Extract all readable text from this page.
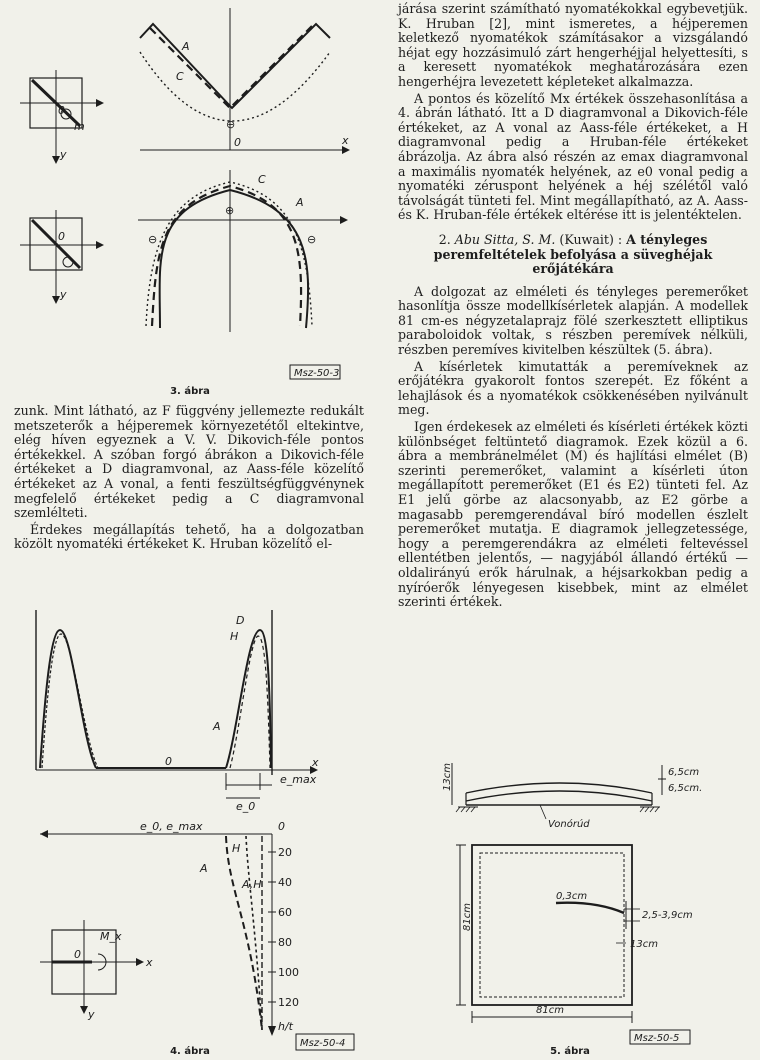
A
C
⊖
0	x
C
A
⊕
⊖	⊖
0
y
m
0
y
Msz-50-3
3. ábra

zunk. Mint látható, az F függvény jellemezte redukált metszeterők a héjperemek környezetétől eltekintve, elég híven egyeznek a V. V. Dikovich-féle pontos értékekkel. A szóban forgó ábrákon a Dikovich-féle értékeket a D diagramvonal, az Aass-féle közelítő értékeket az A vonal, a fenti feszültségfüggvénynek megfelelő értékeket pedig a C diagramvonal szemlélteti.

Érdekes megállapítás tehető, ha a dolgozatban közölt nyomatéki értékeket K. Hruban közelítő el-

D
H
A
0	x
e_max
e_0
e_0, e_max	0
H
A
A,H
20
40
60
80
100
120
h/t
M_x
x
y
0
Msz-50-4
4. ábra

járása szerint számítható nyomatékokkal egybevetjük. K. Hruban [2], mint ismeretes, a héjperemen keletkező nyomatékok számításakor a vizsgálandó héjat egy hozzásimuló zárt hengerhéjjal helyettesíti, s a keresett nyomatékok meghatározására ezen hengerhéjra levezetett képleteket alkalmazza.

A pontos és közelítő Mx értékek összehasonlítása a 4. ábrán látható. Itt a D diagramvonal a Dikovich-féle értékeket, az A vonal az Aass-féle értékeket, a H diagramvonal pedig a Hruban-féle értékeket ábrázolja. Az ábra alsó részén az emax diagramvonal a maximális nyomaték helyének, az e0 vonal pedig a nyomatéki zéruspont helyének a héj szélétől való távolságát tünteti fel. Mint megállapítható, az A. Aass- és K. Hruban-féle értékek eltérése itt is jelentéktelen.

2. Abu Sitta, S. M. (Kuwait) : A tényleges peremfeltételek befolyása a süveghéjak erőjátékára

A dolgozat az elméleti és tényleges peremerőket hasonlítja össze modellkísérletek alapján. A modellek 81 cm-es négyzetalaprajz fölé szerkesztett elliptikus paraboloidok voltak, s részben peremívek nélküli, részben peremíves kivitelben készültek (5. ábra).

A kísérletek kimutatták a peremíveknek az erőjátékra gyakorolt fontos szerepét. Ez főként a lehajlások és a nyomatékok csökkenésében nyilvánult meg.

Igen érdekesek az elméleti és kísérleti értékek közti különbséget feltüntető diagramok. Ezek közül a 6. ábra a membránelmélet (M) és hajlítási elmélet (B) szerinti peremerőket, valamint a kísérleti úton megállapított peremerőket (E1 és E2) tünteti fel. Az E1 jelű görbe az alacsonyabb, az E2 görbe a magasabb peremgerendával bíró modellen észlelt peremerőket mutatja. E diagramok jellegzetessége, hogy a peremgerendákra az elméleti feltevéssel ellentétben jelentős, — nagyjából állandó értékű — oldalirányú erők hárulnak, a héjsarkokban pedig a nyíróerők lényegesen kisebbek, mint az elmélet szerinti értékek.

13cm	6,5cm
6,5cm.
Vonórúd
0,3cm
2,5-3,9cm
13cm
81cm
81cm
Msz-50-5
5. ábra
